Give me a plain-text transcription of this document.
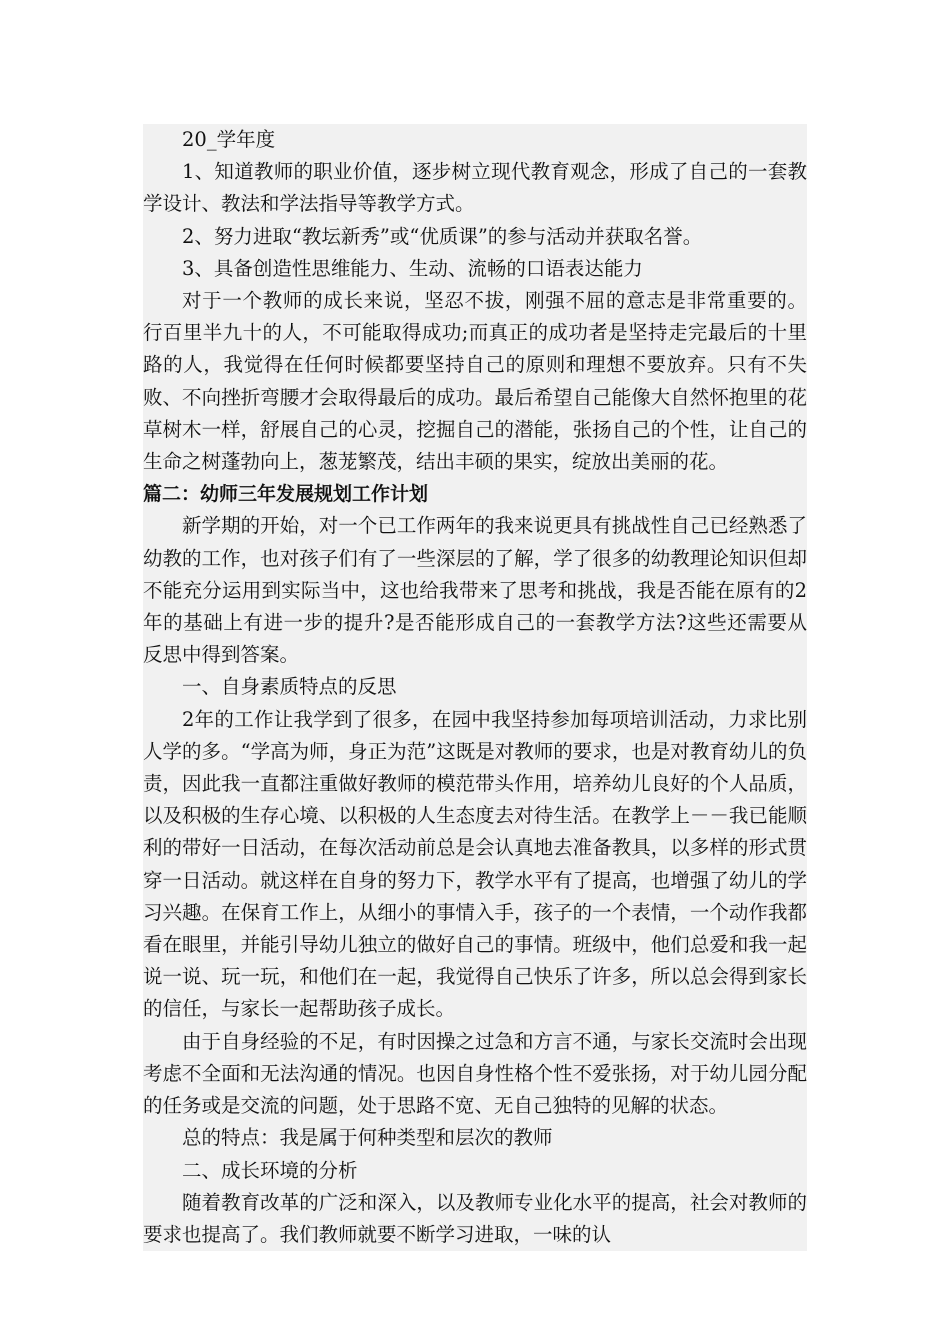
20_学年度

1、知道教师的职业价值，逐步树立现代教育观念，形成了自己的一套教学设计、教法和学法指导等教学方式。

2、努力进取“教坛新秀”或“优质课”的参与活动并获取名誉。

3、具备创造性思维能力、生动、流畅的口语表达能力

对于一个教师的成长来说，坚忍不拔，刚强不屈的意志是非常重要的。 行百里半九十的人，不可能取得成功;而真正的成功者是坚持走完最后的十里路的人，我觉得在任何时候都要坚持自己的原则和理想不要放弃。只有不失败、不向挫折弯腰才会取得最后的成功。最后希望自己能像大自然怀抱里的花草树木一样，舒展自己的心灵，挖掘自己的潜能，张扬自己的个性，让自己的生命之树蓬勃向上，葱茏繁茂，结出丰硕的果实，绽放出美丽的花。

篇二：幼师三年发展规划工作计划

新学期的开始，对一个已工作两年的我来说更具有挑战性自己已经熟悉了幼教的工作，也对孩子们有了一些深层的了解，学了很多的幼教理论知识但却不能充分运用到实际当中，这也给我带来了思考和挑战，我是否能在原有的2年的基础上有进一步的提升?是否能形成自己的一套教学方法?这些还需要从反思中得到答案。

一、自身素质特点的反思

2年的工作让我学到了很多，在园中我坚持参加每项培训活动，力求比别人学的多。“学高为师，身正为范”这既是对教师的要求，也是对教育幼儿的负责，因此我一直都注重做好教师的模范带头作用，培养幼儿良好的个人品质，以及积极的生存心境、以积极的人生态度去对待生活。在教学上－－我已能顺利的带好一日活动，在每次活动前总是会认真地去准备教具，以多样的形式贯穿一日活动。就这样在自身的努力下，教学水平有了提高，也增强了幼儿的学习兴趣。在保育工作上，从细小的事情入手，孩子的一个表情，一个动作我都看在眼里，并能引导幼儿独立的做好自己的事情。班级中，他们总爱和我一起说一说、玩一玩，和他们在一起，我觉得自己快乐了许多，所以总会得到家长的信任，与家长一起帮助孩子成长。

由于自身经验的不足，有时因操之过急和方言不通，与家长交流时会出现考虑不全面和无法沟通的情况。也因自身性格个性不爱张扬，对于幼儿园分配的任务或是交流的问题，处于思路不宽、无自己独特的见解的状态。

总的特点：我是属于何种类型和层次的教师

二、成长环境的分析

随着教育改革的广泛和深入，以及教师专业化水平的提高，社会对教师的要求也提高了。我们教师就要不断学习进取，一味的认
